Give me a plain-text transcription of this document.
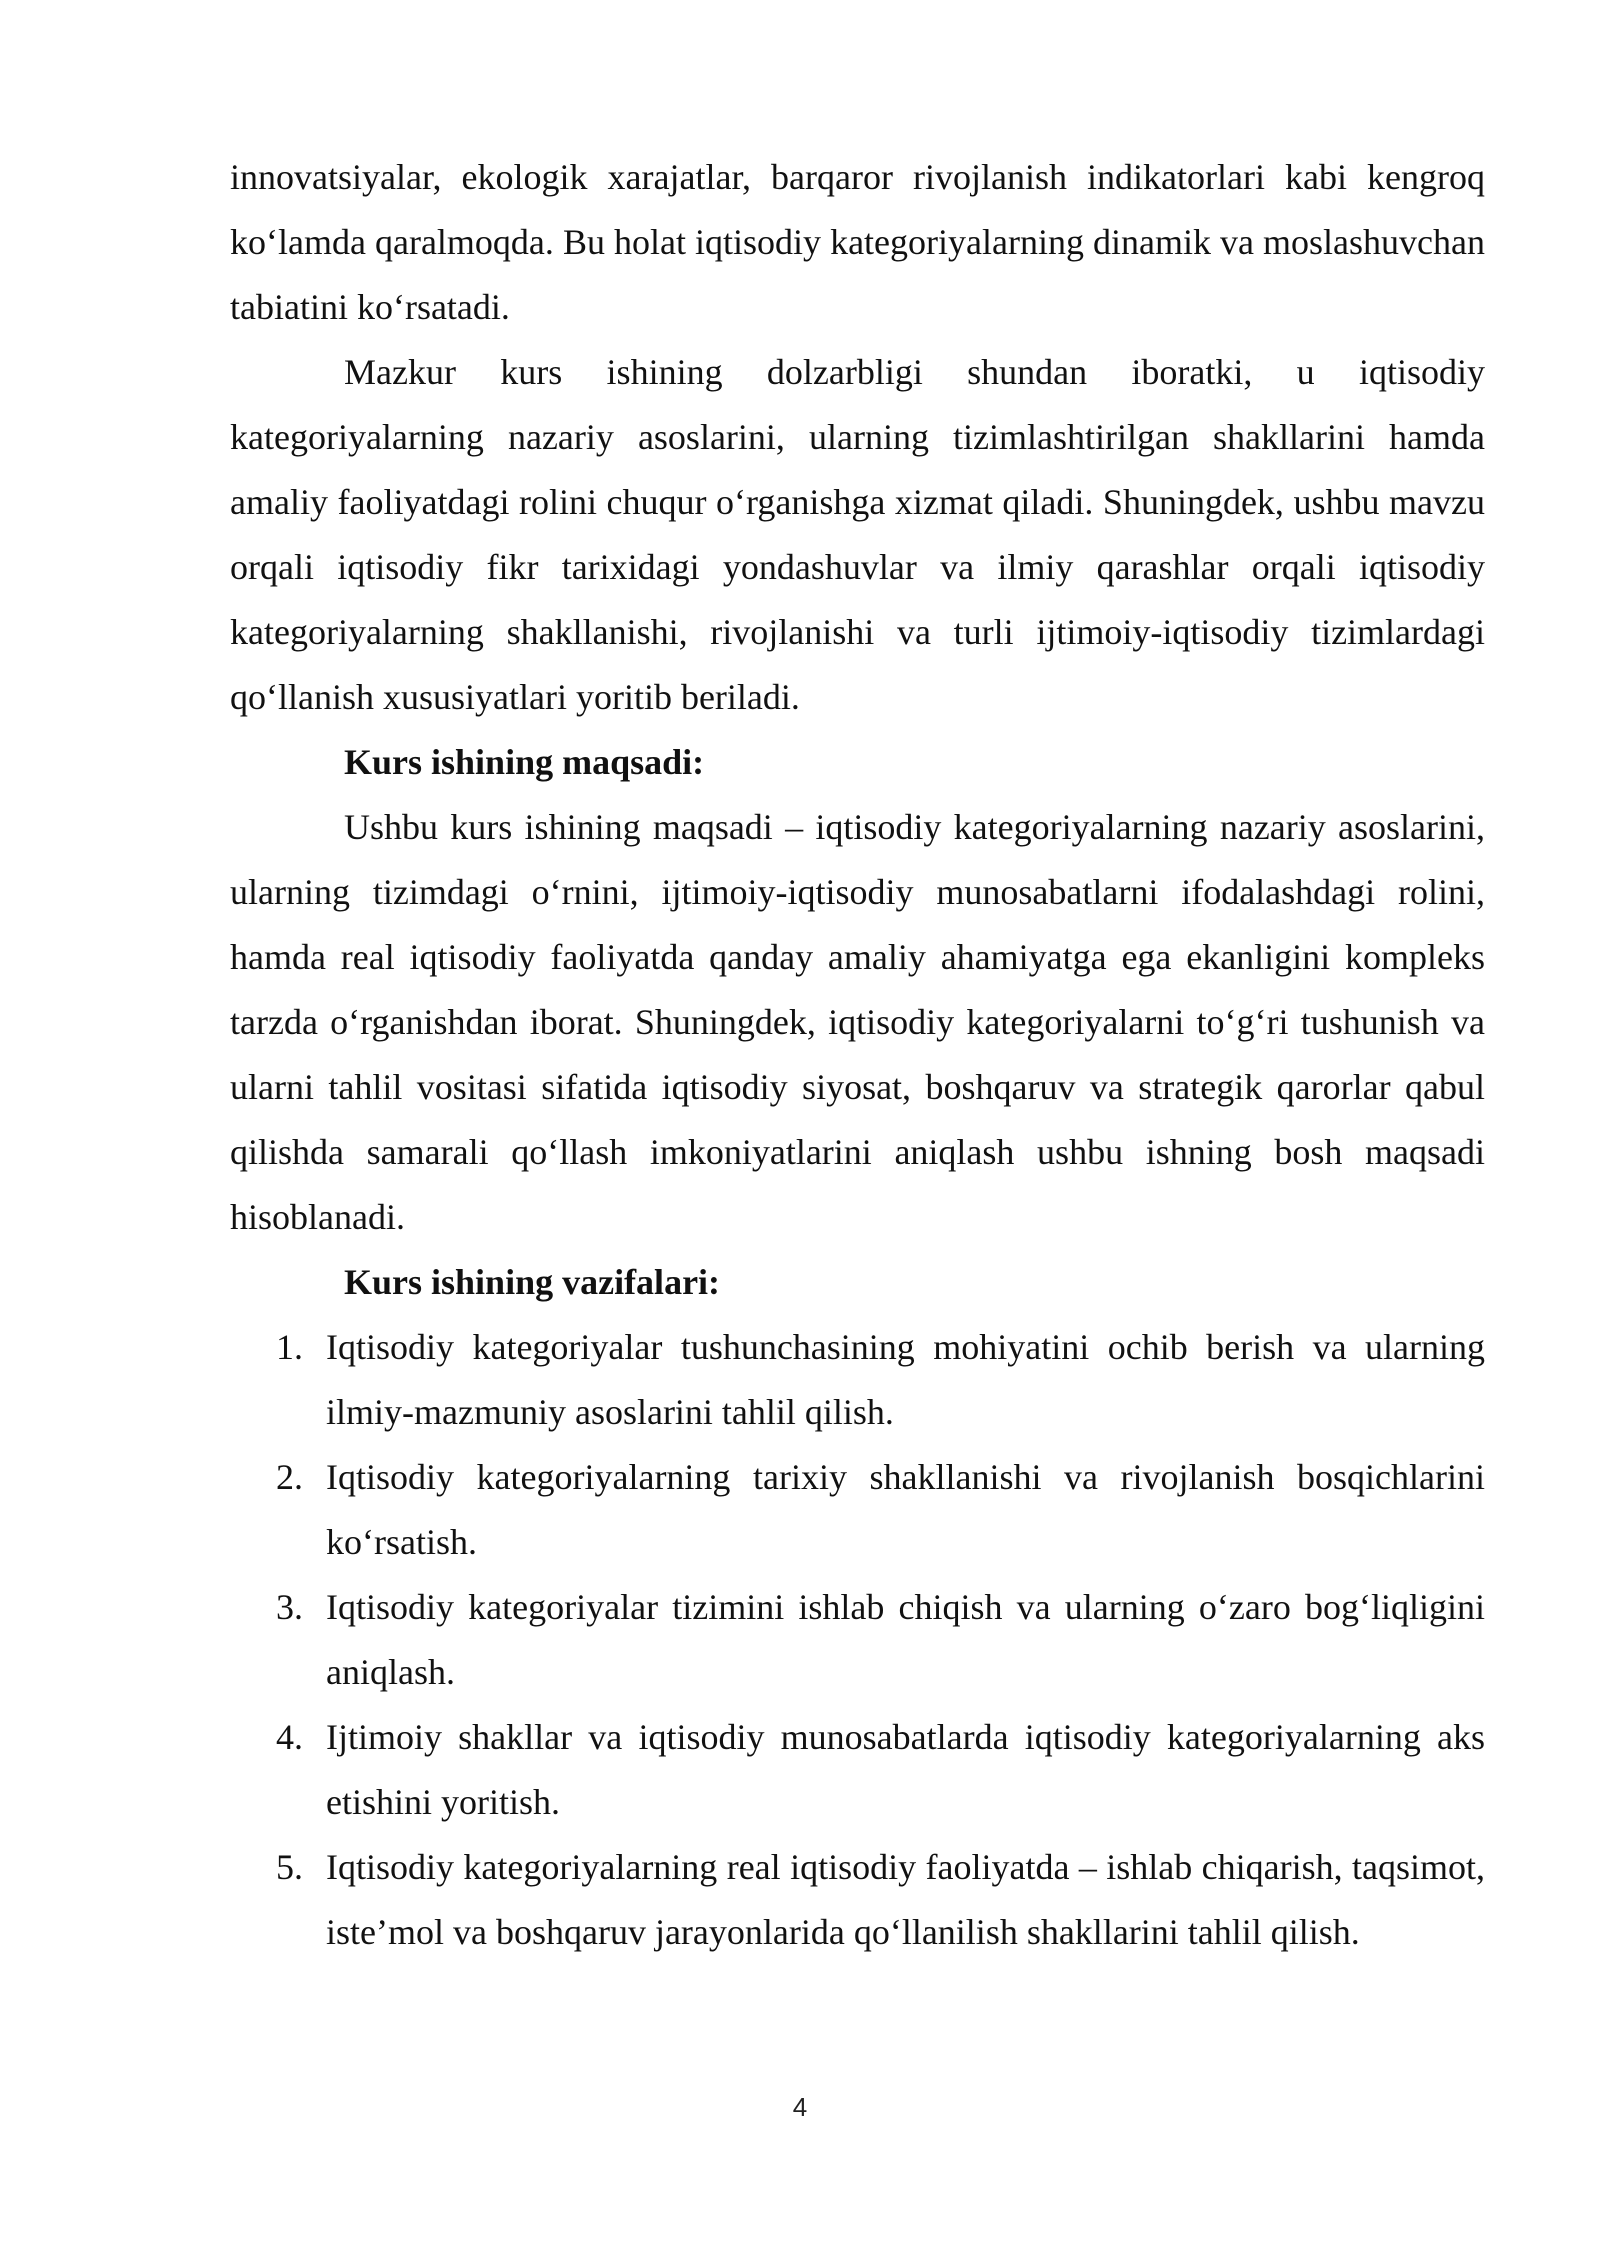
innovatsiyalar, ekologik xarajatlar, barqaror rivojlanish indikatorlari kabi kengroq ko‘lamda qaralmoqda. Bu holat iqtisodiy kategoriyalarning dinamik va moslashuvchan tabiatini ko‘rsatadi.

Mazkur kurs ishining dolzarbligi shundan iboratki, u iqtisodiy kategoriyalarning nazariy asoslarini, ularning tizimlashtirilgan shakllarini hamda amaliy faoliyatdagi rolini chuqur o‘rganishga xizmat qiladi. Shuningdek, ushbu mavzu orqali iqtisodiy fikr tarixidagi yondashuvlar va ilmiy qarashlar orqali iqtisodiy kategoriyalarning shakllanishi, rivojlanishi va turli ijtimoiy-iqtisodiy tizimlardagi qo‘llanish xususiyatlari yoritib beriladi.

Kurs ishining maqsadi:

Ushbu kurs ishining maqsadi – iqtisodiy kategoriyalarning nazariy asoslarini, ularning tizimdagi o‘rnini, ijtimoiy-iqtisodiy munosabatlarni ifodalashdagi rolini, hamda real iqtisodiy faoliyatda qanday amaliy ahamiyatga ega ekanligini kompleks tarzda o‘rganishdan iborat. Shuningdek, iqtisodiy kategoriyalarni to‘g‘ri tushunish va ularni tahlil vositasi sifatida iqtisodiy siyosat, boshqaruv va strategik qarorlar qabul qilishda samarali qo‘llash imkoniyatlarini aniqlash ushbu ishning bosh maqsadi hisoblanadi.

Kurs ishining vazifalari:
1. Iqtisodiy kategoriyalar tushunchasining mohiyatini ochib berish va ularning ilmiy-mazmuniy asoslarini tahlil qilish.
2. Iqtisodiy kategoriyalarning tarixiy shakllanishi va rivojlanish bosqichlarini ko‘rsatish.
3. Iqtisodiy kategoriyalar tizimini ishlab chiqish va ularning o‘zaro bog‘liqligini aniqlash.
4. Ijtimoiy shakllar va iqtisodiy munosabatlarda iqtisodiy kategoriyalarning aks etishini yoritish.
5. Iqtisodiy kategoriyalarning real iqtisodiy faoliyatda – ishlab chiqarish, taqsimot, iste’mol va boshqaruv jarayonlarida qo‘llanilish shakllarini tahlil qilish.
4
